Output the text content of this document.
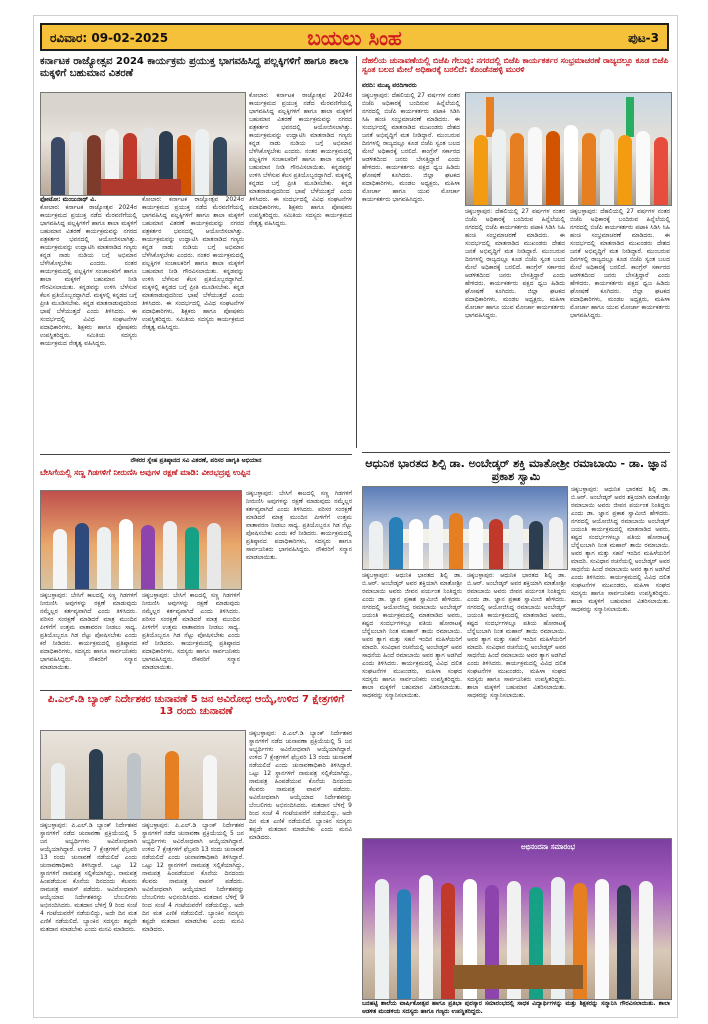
ರವಿವಾರ: 09-02-2025	ಬಯಲು ಸಿಂಹ	ಪುಟ-3
ಕರ್ನಾಟಕ ರಾಜ್ಯೋತ್ಸವ 2024 ಕಾರ್ಯಕ್ರಮ ಪ್ರಯುಕ್ತ ಭಾಗವಹಿಸಿದ್ದ ಪಲ್ಲಕ್ಕಿಗಳಿಗೆ ಹಾಗೂ ಶಾಲಾ ಮಕ್ಕಳಿಗೆ ಬಹುಮಾನ ವಿತರಣೆ
ಫೋಟೋ: ಮಂಜುನಾಥ್ ವಿ.
ಕೋಲಾರ: ಕರ್ನಾಟಕ ರಾಜ್ಯೋತ್ಸವ 2024ರ ಕಾರ್ಯಕ್ರಮದ ಪ್ರಯುಕ್ತ ನಡೆದ ಮೆರವಣಿಗೆಯಲ್ಲಿ ಭಾಗವಹಿಸಿದ್ದ ಪಲ್ಲಕ್ಕಿಗಳಿಗೆ ಹಾಗೂ ಶಾಲಾ ಮಕ್ಕಳಿಗೆ ಬಹುಮಾನ ವಿತರಣೆ ಕಾರ್ಯಕ್ರಮವನ್ನು ನಗರದ ಪತ್ರಕರ್ತರ ಭವನದಲ್ಲಿ ಆಯೋಜಿಸಲಾಗಿತ್ತು. ಕಾರ್ಯಕ್ರಮವನ್ನು ಉದ್ಘಾಟಿಸಿ ಮಾತನಾಡಿದ ಗಣ್ಯರು ಕನ್ನಡ ನಾಡು ನುಡಿಯ ಬಗ್ಗೆ ಅಭಿಮಾನ ಬೆಳೆಸಿಕೊಳ್ಳಬೇಕು ಎಂದರು. ನಂತರ ಕಾರ್ಯಕ್ರಮದಲ್ಲಿ ಪಲ್ಲಕ್ಕಿಗಳ ಸಂಚಾಲಕರಿಗೆ ಹಾಗೂ ಶಾಲಾ ಮಕ್ಕಳಿಗೆ ಬಹುಮಾನ ನೀಡಿ ಗೌರವಿಸಲಾಯಿತು. ಕನ್ನಡವನ್ನು ಉಳಿಸಿ ಬೆಳೆಸುವ ಕೆಲಸ ಪ್ರತಿಯೊಬ್ಬರದ್ದಾಗಿದೆ. ಮಕ್ಕಳಲ್ಲಿ ಕನ್ನಡದ ಬಗ್ಗೆ ಪ್ರೀತಿ ಮೂಡಿಸಬೇಕು. ಕನ್ನಡ ಮಾತನಾಡುವುದರಿಂದ ಭಾಷೆ ಬೆಳೆಯುತ್ತದೆ ಎಂದು ತಿಳಿಸಿದರು. ಈ ಸಂದರ್ಭದಲ್ಲಿ ವಿವಿಧ ಸಂಘಟನೆಗಳ ಪದಾಧಿಕಾರಿಗಳು, ಶಿಕ್ಷಕರು ಹಾಗೂ ಪೋಷಕರು ಉಪಸ್ಥಿತರಿದ್ದರು. ಸಮಿತಿಯ ಸದಸ್ಯರು ಕಾರ್ಯಕ್ರಮದ ನೇತೃತ್ವ ವಹಿಸಿದ್ದರು.
ಕೋಲಾರ: ಕರ್ನಾಟಕ ರಾಜ್ಯೋತ್ಸವ 2024ರ ಕಾರ್ಯಕ್ರಮದ ಪ್ರಯುಕ್ತ ನಡೆದ ಮೆರವಣಿಗೆಯಲ್ಲಿ ಭಾಗವಹಿಸಿದ್ದ ಪಲ್ಲಕ್ಕಿಗಳಿಗೆ ಹಾಗೂ ಶಾಲಾ ಮಕ್ಕಳಿಗೆ ಬಹುಮಾನ ವಿತರಣೆ ಕಾರ್ಯಕ್ರಮವನ್ನು ನಗರದ ಪತ್ರಕರ್ತರ ಭವನದಲ್ಲಿ ಆಯೋಜಿಸಲಾಗಿತ್ತು. ಕಾರ್ಯಕ್ರಮವನ್ನು ಉದ್ಘಾಟಿಸಿ ಮಾತನಾಡಿದ ಗಣ್ಯರು ಕನ್ನಡ ನಾಡು ನುಡಿಯ ಬಗ್ಗೆ ಅಭಿಮಾನ ಬೆಳೆಸಿಕೊಳ್ಳಬೇಕು ಎಂದರು. ನಂತರ ಕಾರ್ಯಕ್ರಮದಲ್ಲಿ ಪಲ್ಲಕ್ಕಿಗಳ ಸಂಚಾಲಕರಿಗೆ ಹಾಗೂ ಶಾಲಾ ಮಕ್ಕಳಿಗೆ ಬಹುಮಾನ ನೀಡಿ ಗೌರವಿಸಲಾಯಿತು. ಕನ್ನಡವನ್ನು ಉಳಿಸಿ ಬೆಳೆಸುವ ಕೆಲಸ ಪ್ರತಿಯೊಬ್ಬರದ್ದಾಗಿದೆ. ಮಕ್ಕಳಲ್ಲಿ ಕನ್ನಡದ ಬಗ್ಗೆ ಪ್ರೀತಿ ಮೂಡಿಸಬೇಕು. ಕನ್ನಡ ಮಾತನಾಡುವುದರಿಂದ ಭಾಷೆ ಬೆಳೆಯುತ್ತದೆ ಎಂದು ತಿಳಿಸಿದರು. ಈ ಸಂದರ್ಭದಲ್ಲಿ ವಿವಿಧ ಸಂಘಟನೆಗಳ ಪದಾಧಿಕಾರಿಗಳು, ಶಿಕ್ಷಕರು ಹಾಗೂ ಪೋಷಕರು ಉಪಸ್ಥಿತರಿದ್ದರು. ಸಮಿತಿಯ ಸದಸ್ಯರು ಕಾರ್ಯಕ್ರಮದ ನೇತೃತ್ವ ವಹಿಸಿದ್ದರು.
ಕೋಲಾರ: ಕರ್ನಾಟಕ ರಾಜ್ಯೋತ್ಸವ 2024ರ ಕಾರ್ಯಕ್ರಮದ ಪ್ರಯುಕ್ತ ನಡೆದ ಮೆರವಣಿಗೆಯಲ್ಲಿ ಭಾಗವಹಿಸಿದ್ದ ಪಲ್ಲಕ್ಕಿಗಳಿಗೆ ಹಾಗೂ ಶಾಲಾ ಮಕ್ಕಳಿಗೆ ಬಹುಮಾನ ವಿತರಣೆ ಕಾರ್ಯಕ್ರಮವನ್ನು ನಗರದ ಪತ್ರಕರ್ತರ ಭವನದಲ್ಲಿ ಆಯೋಜಿಸಲಾಗಿತ್ತು. ಕಾರ್ಯಕ್ರಮವನ್ನು ಉದ್ಘಾಟಿಸಿ ಮಾತನಾಡಿದ ಗಣ್ಯರು ಕನ್ನಡ ನಾಡು ನುಡಿಯ ಬಗ್ಗೆ ಅಭಿಮಾನ ಬೆಳೆಸಿಕೊಳ್ಳಬೇಕು ಎಂದರು. ನಂತರ ಕಾರ್ಯಕ್ರಮದಲ್ಲಿ ಪಲ್ಲಕ್ಕಿಗಳ ಸಂಚಾಲಕರಿಗೆ ಹಾಗೂ ಶಾಲಾ ಮಕ್ಕಳಿಗೆ ಬಹುಮಾನ ನೀಡಿ ಗೌರವಿಸಲಾಯಿತು. ಕನ್ನಡವನ್ನು ಉಳಿಸಿ ಬೆಳೆಸುವ ಕೆಲಸ ಪ್ರತಿಯೊಬ್ಬರದ್ದಾಗಿದೆ. ಮಕ್ಕಳಲ್ಲಿ ಕನ್ನಡದ ಬಗ್ಗೆ ಪ್ರೀತಿ ಮೂಡಿಸಬೇಕು. ಕನ್ನಡ ಮಾತನಾಡುವುದರಿಂದ ಭಾಷೆ ಬೆಳೆಯುತ್ತದೆ ಎಂದು ತಿಳಿಸಿದರು. ಈ ಸಂದರ್ಭದಲ್ಲಿ ವಿವಿಧ ಸಂಘಟನೆಗಳ ಪದಾಧಿಕಾರಿಗಳು, ಶಿಕ್ಷಕರು ಹಾಗೂ ಪೋಷಕರು ಉಪಸ್ಥಿತರಿದ್ದರು. ಸಮಿತಿಯ ಸದಸ್ಯರು ಕಾರ್ಯಕ್ರಮದ ನೇತೃತ್ವ ವಹಿಸಿದ್ದರು.
ದೆಹಲಿಯ ಚುನಾವಣೆಯಲ್ಲಿ ಬಿಜೆಪಿ ಗೆಲುವು: ನಗರದಲ್ಲಿ ಬಿಜೆಪಿ ಕಾರ್ಯಕರ್ತರ ಸಂಭ್ರಮಾಚರಣೆ ರಾಜ್ಯದಲ್ಲೂ ಕೂಡ ಬಿಜೆಪಿ ಸ್ವಂತ ಬಲದ ಮೇಲೆ ಅಧಿಕಾರಕ್ಕೆ ಬರಲಿದೆ: ಕೊಂಡೆನಹಳ್ಳಿ ಮುರಳಿ
ವರದಿ: ಮುಖ್ಯ ವರದಿಗಾರರು
ಚಿಕ್ಕಬಳ್ಳಾಪುರ: ದೆಹಲಿಯಲ್ಲಿ 27 ವರ್ಷಗಳ ನಂತರ ಬಿಜೆಪಿ ಅಧಿಕಾರಕ್ಕೆ ಬಂದಿರುವ ಹಿನ್ನೆಲೆಯಲ್ಲಿ ನಗರದಲ್ಲಿ ಬಿಜೆಪಿ ಕಾರ್ಯಕರ್ತರು ಪಟಾಕಿ ಸಿಡಿಸಿ ಸಿಹಿ ಹಂಚಿ ಸಂಭ್ರಮಾಚರಣೆ ಮಾಡಿದರು. ಈ ಸಂದರ್ಭದಲ್ಲಿ ಮಾತನಾಡಿದ ಮುಖಂಡರು ದೇಶದ ಜನತೆ ಅಭಿವೃದ್ಧಿಗೆ ಮತ ನೀಡಿದ್ದಾರೆ. ಮುಂಬರುವ ದಿನಗಳಲ್ಲಿ ರಾಜ್ಯದಲ್ಲೂ ಕೂಡ ಬಿಜೆಪಿ ಸ್ವಂತ ಬಲದ ಮೇಲೆ ಅಧಿಕಾರಕ್ಕೆ ಬರಲಿದೆ. ಕಾಂಗ್ರೆಸ್ ಸರ್ಕಾರದ ಆಡಳಿತದಿಂದ ಜನರು ಬೇಸತ್ತಿದ್ದಾರೆ ಎಂದು ಹೇಳಿದರು. ಕಾರ್ಯಕರ್ತರು ಪಕ್ಷದ ಧ್ವಜ ಹಿಡಿದು ಘೋಷಣೆ ಕೂಗಿದರು. ಜಿಲ್ಲಾ ಘಟಕದ ಪದಾಧಿಕಾರಿಗಳು, ಮಂಡಲ ಅಧ್ಯಕ್ಷರು, ಮಹಿಳಾ ಮೋರ್ಚಾ ಹಾಗೂ ಯುವ ಮೋರ್ಚಾ ಕಾರ್ಯಕರ್ತರು ಭಾಗವಹಿಸಿದ್ದರು.
ಚಿಕ್ಕಬಳ್ಳಾಪುರ: ದೆಹಲಿಯಲ್ಲಿ 27 ವರ್ಷಗಳ ನಂತರ ಬಿಜೆಪಿ ಅಧಿಕಾರಕ್ಕೆ ಬಂದಿರುವ ಹಿನ್ನೆಲೆಯಲ್ಲಿ ನಗರದಲ್ಲಿ ಬಿಜೆಪಿ ಕಾರ್ಯಕರ್ತರು ಪಟಾಕಿ ಸಿಡಿಸಿ ಸಿಹಿ ಹಂಚಿ ಸಂಭ್ರಮಾಚರಣೆ ಮಾಡಿದರು. ಈ ಸಂದರ್ಭದಲ್ಲಿ ಮಾತನಾಡಿದ ಮುಖಂಡರು ದೇಶದ ಜನತೆ ಅಭಿವೃದ್ಧಿಗೆ ಮತ ನೀಡಿದ್ದಾರೆ. ಮುಂಬರುವ ದಿನಗಳಲ್ಲಿ ರಾಜ್ಯದಲ್ಲೂ ಕೂಡ ಬಿಜೆಪಿ ಸ್ವಂತ ಬಲದ ಮೇಲೆ ಅಧಿಕಾರಕ್ಕೆ ಬರಲಿದೆ. ಕಾಂಗ್ರೆಸ್ ಸರ್ಕಾರದ ಆಡಳಿತದಿಂದ ಜನರು ಬೇಸತ್ತಿದ್ದಾರೆ ಎಂದು ಹೇಳಿದರು. ಕಾರ್ಯಕರ್ತರು ಪಕ್ಷದ ಧ್ವಜ ಹಿಡಿದು ಘೋಷಣೆ ಕೂಗಿದರು. ಜಿಲ್ಲಾ ಘಟಕದ ಪದಾಧಿಕಾರಿಗಳು, ಮಂಡಲ ಅಧ್ಯಕ್ಷರು, ಮಹಿಳಾ ಮೋರ್ಚಾ ಹಾಗೂ ಯುವ ಮೋರ್ಚಾ ಕಾರ್ಯಕರ್ತರು ಭಾಗವಹಿಸಿದ್ದರು.
ಚಿಕ್ಕಬಳ್ಳಾಪುರ: ದೆಹಲಿಯಲ್ಲಿ 27 ವರ್ಷಗಳ ನಂತರ ಬಿಜೆಪಿ ಅಧಿಕಾರಕ್ಕೆ ಬಂದಿರುವ ಹಿನ್ನೆಲೆಯಲ್ಲಿ ನಗರದಲ್ಲಿ ಬಿಜೆಪಿ ಕಾರ್ಯಕರ್ತರು ಪಟಾಕಿ ಸಿಡಿಸಿ ಸಿಹಿ ಹಂಚಿ ಸಂಭ್ರಮಾಚರಣೆ ಮಾಡಿದರು. ಈ ಸಂದರ್ಭದಲ್ಲಿ ಮಾತನಾಡಿದ ಮುಖಂಡರು ದೇಶದ ಜನತೆ ಅಭಿವೃದ್ಧಿಗೆ ಮತ ನೀಡಿದ್ದಾರೆ. ಮುಂಬರುವ ದಿನಗಳಲ್ಲಿ ರಾಜ್ಯದಲ್ಲೂ ಕೂಡ ಬಿಜೆಪಿ ಸ್ವಂತ ಬಲದ ಮೇಲೆ ಅಧಿಕಾರಕ್ಕೆ ಬರಲಿದೆ. ಕಾಂಗ್ರೆಸ್ ಸರ್ಕಾರದ ಆಡಳಿತದಿಂದ ಜನರು ಬೇಸತ್ತಿದ್ದಾರೆ ಎಂದು ಹೇಳಿದರು. ಕಾರ್ಯಕರ್ತರು ಪಕ್ಷದ ಧ್ವಜ ಹಿಡಿದು ಘೋಷಣೆ ಕೂಗಿದರು. ಜಿಲ್ಲಾ ಘಟಕದ ಪದಾಧಿಕಾರಿಗಳು, ಮಂಡಲ ಅಧ್ಯಕ್ಷರು, ಮಹಿಳಾ ಮೋರ್ಚಾ ಹಾಗೂ ಯುವ ಮೋರ್ಚಾ ಕಾರ್ಯಕರ್ತರು ಭಾಗವಹಿಸಿದ್ದರು.
ನೌಕರರ ಸ್ನೇಹ ಪ್ರತಿಷ್ಠಾನದ ಸವಿ ವಿತರಣೆ, ಪರಿಸರ ಜಾಗೃತಿ ಅಭಿಯಾನ
ಬೇಸಿಗೆಯಲ್ಲಿ ಸಣ್ಣ ಗಿಡಗಳಿಗೆ ನೀರುಣಿಸಿ ಅವುಗಳ ರಕ್ಷಣೆ ಮಾಡಿ: ವೀರಭದ್ರಪ್ಪ ಉಪ್ಪಿನ
ಚಿಕ್ಕಬಳ್ಳಾಪುರ: ಬೇಸಿಗೆ ಕಾಲದಲ್ಲಿ ಸಣ್ಣ ಗಿಡಗಳಿಗೆ ನೀರುಣಿಸಿ ಅವುಗಳನ್ನು ರಕ್ಷಣೆ ಮಾಡುವುದು ನಮ್ಮೆಲ್ಲರ ಕರ್ತವ್ಯವಾಗಿದೆ ಎಂದು ತಿಳಿಸಿದರು. ಪರಿಸರ ಸಂರಕ್ಷಣೆ ಮಾಡಿದರೆ ಮಾತ್ರ ಮುಂದಿನ ಪೀಳಿಗೆಗೆ ಉತ್ತಮ ವಾತಾವರಣ ನೀಡಲು ಸಾಧ್ಯ. ಪ್ರತಿಯೊಬ್ಬರೂ ಗಿಡ ನೆಟ್ಟು ಪೋಷಿಸಬೇಕು ಎಂದು ಕರೆ ನೀಡಿದರು. ಕಾರ್ಯಕ್ರಮದಲ್ಲಿ ಪ್ರತಿಷ್ಠಾನದ ಪದಾಧಿಕಾರಿಗಳು, ಸದಸ್ಯರು ಹಾಗೂ ಸಾರ್ವಜನಿಕರು ಭಾಗವಹಿಸಿದ್ದರು. ನೌಕರರಿಗೆ ಸನ್ಮಾನ ಮಾಡಲಾಯಿತು.
ಚಿಕ್ಕಬಳ್ಳಾಪುರ: ಬೇಸಿಗೆ ಕಾಲದಲ್ಲಿ ಸಣ್ಣ ಗಿಡಗಳಿಗೆ ನೀರುಣಿಸಿ ಅವುಗಳನ್ನು ರಕ್ಷಣೆ ಮಾಡುವುದು ನಮ್ಮೆಲ್ಲರ ಕರ್ತವ್ಯವಾಗಿದೆ ಎಂದು ತಿಳಿಸಿದರು. ಪರಿಸರ ಸಂರಕ್ಷಣೆ ಮಾಡಿದರೆ ಮಾತ್ರ ಮುಂದಿನ ಪೀಳಿಗೆಗೆ ಉತ್ತಮ ವಾತಾವರಣ ನೀಡಲು ಸಾಧ್ಯ. ಪ್ರತಿಯೊಬ್ಬರೂ ಗಿಡ ನೆಟ್ಟು ಪೋಷಿಸಬೇಕು ಎಂದು ಕರೆ ನೀಡಿದರು. ಕಾರ್ಯಕ್ರಮದಲ್ಲಿ ಪ್ರತಿಷ್ಠಾನದ ಪದಾಧಿಕಾರಿಗಳು, ಸದಸ್ಯರು ಹಾಗೂ ಸಾರ್ವಜನಿಕರು ಭಾಗವಹಿಸಿದ್ದರು. ನೌಕರರಿಗೆ ಸನ್ಮಾನ ಮಾಡಲಾಯಿತು.
ಚಿಕ್ಕಬಳ್ಳಾಪುರ: ಬೇಸಿಗೆ ಕಾಲದಲ್ಲಿ ಸಣ್ಣ ಗಿಡಗಳಿಗೆ ನೀರುಣಿಸಿ ಅವುಗಳನ್ನು ರಕ್ಷಣೆ ಮಾಡುವುದು ನಮ್ಮೆಲ್ಲರ ಕರ್ತವ್ಯವಾಗಿದೆ ಎಂದು ತಿಳಿಸಿದರು. ಪರಿಸರ ಸಂರಕ್ಷಣೆ ಮಾಡಿದರೆ ಮಾತ್ರ ಮುಂದಿನ ಪೀಳಿಗೆಗೆ ಉತ್ತಮ ವಾತಾವರಣ ನೀಡಲು ಸಾಧ್ಯ. ಪ್ರತಿಯೊಬ್ಬರೂ ಗಿಡ ನೆಟ್ಟು ಪೋಷಿಸಬೇಕು ಎಂದು ಕರೆ ನೀಡಿದರು. ಕಾರ್ಯಕ್ರಮದಲ್ಲಿ ಪ್ರತಿಷ್ಠಾನದ ಪದಾಧಿಕಾರಿಗಳು, ಸದಸ್ಯರು ಹಾಗೂ ಸಾರ್ವಜನಿಕರು ಭಾಗವಹಿಸಿದ್ದರು. ನೌಕರರಿಗೆ ಸನ್ಮಾನ ಮಾಡಲಾಯಿತು.
ಆಧುನಿಕ ಭಾರತದ ಶಿಲ್ಪಿ ಡಾ. ಅಂಬೇಡ್ಕರ್ ಶಕ್ತಿ ಮಾತೋಶ್ರೀ ರಮಾಬಾಯಿ - ಡಾ. ಜ್ಞಾನ ಪ್ರಕಾಶ ಸ್ವಾಮಿ
ಚಿಕ್ಕಬಳ್ಳಾಪುರ: ಆಧುನಿಕ ಭಾರತದ ಶಿಲ್ಪಿ ಡಾ. ಬಿ.ಆರ್. ಅಂಬೇಡ್ಕರ್ ಅವರ ಶಕ್ತಿಯಾಗಿ ಮಾತೋಶ್ರೀ ರಮಾಬಾಯಿ ಅವರು ಜೀವನ ಪರ್ಯಂತ ನಿಂತಿದ್ದರು ಎಂದು ಡಾ. ಜ್ಞಾನ ಪ್ರಕಾಶ ಸ್ವಾಮೀಜಿ ಹೇಳಿದರು. ನಗರದಲ್ಲಿ ಆಯೋಜಿಸಿದ್ದ ರಮಾಬಾಯಿ ಅಂಬೇಡ್ಕರ್ ಜಯಂತಿ ಕಾರ್ಯಕ್ರಮದಲ್ಲಿ ಮಾತನಾಡಿದ ಅವರು, ಕಷ್ಟದ ಸಂದರ್ಭಗಳಲ್ಲೂ ಪತಿಯ ಹೋರಾಟಕ್ಕೆ ಬೆನ್ನೆಲುಬಾಗಿ ನಿಂತ ಮಹಾನ್ ತಾಯಿ ರಮಾಬಾಯಿ. ಅವರ ತ್ಯಾಗ ಮತ್ತು ಸಹನೆ ಇಂದಿನ ಮಹಿಳೆಯರಿಗೆ ಮಾದರಿ. ಸಂವಿಧಾನ ರಚನೆಯಲ್ಲಿ ಅಂಬೇಡ್ಕರ್ ಅವರ ಸಾಧನೆಯ ಹಿಂದೆ ರಮಾಬಾಯಿ ಅವರ ತ್ಯಾಗ ಅಡಗಿದೆ ಎಂದು ತಿಳಿಸಿದರು. ಕಾರ್ಯಕ್ರಮದಲ್ಲಿ ವಿವಿಧ ದಲಿತ ಸಂಘಟನೆಗಳ ಮುಖಂಡರು, ಮಹಿಳಾ ಸಂಘದ ಸದಸ್ಯರು ಹಾಗೂ ಸಾರ್ವಜನಿಕರು ಉಪಸ್ಥಿತರಿದ್ದರು. ಶಾಲಾ ಮಕ್ಕಳಿಗೆ ಬಹುಮಾನ ವಿತರಿಸಲಾಯಿತು. ಸಾಧಕರನ್ನು ಸನ್ಮಾನಿಸಲಾಯಿತು.
ಚಿಕ್ಕಬಳ್ಳಾಪುರ: ಆಧುನಿಕ ಭಾರತದ ಶಿಲ್ಪಿ ಡಾ. ಬಿ.ಆರ್. ಅಂಬೇಡ್ಕರ್ ಅವರ ಶಕ್ತಿಯಾಗಿ ಮಾತೋಶ್ರೀ ರಮಾಬಾಯಿ ಅವರು ಜೀವನ ಪರ್ಯಂತ ನಿಂತಿದ್ದರು ಎಂದು ಡಾ. ಜ್ಞಾನ ಪ್ರಕಾಶ ಸ್ವಾಮೀಜಿ ಹೇಳಿದರು. ನಗರದಲ್ಲಿ ಆಯೋಜಿಸಿದ್ದ ರಮಾಬಾಯಿ ಅಂಬೇಡ್ಕರ್ ಜಯಂತಿ ಕಾರ್ಯಕ್ರಮದಲ್ಲಿ ಮಾತನಾಡಿದ ಅವರು, ಕಷ್ಟದ ಸಂದರ್ಭಗಳಲ್ಲೂ ಪತಿಯ ಹೋರಾಟಕ್ಕೆ ಬೆನ್ನೆಲುಬಾಗಿ ನಿಂತ ಮಹಾನ್ ತಾಯಿ ರಮಾಬಾಯಿ. ಅವರ ತ್ಯಾಗ ಮತ್ತು ಸಹನೆ ಇಂದಿನ ಮಹಿಳೆಯರಿಗೆ ಮಾದರಿ. ಸಂವಿಧಾನ ರಚನೆಯಲ್ಲಿ ಅಂಬೇಡ್ಕರ್ ಅವರ ಸಾಧನೆಯ ಹಿಂದೆ ರಮಾಬಾಯಿ ಅವರ ತ್ಯಾಗ ಅಡಗಿದೆ ಎಂದು ತಿಳಿಸಿದರು. ಕಾರ್ಯಕ್ರಮದಲ್ಲಿ ವಿವಿಧ ದಲಿತ ಸಂಘಟನೆಗಳ ಮುಖಂಡರು, ಮಹಿಳಾ ಸಂಘದ ಸದಸ್ಯರು ಹಾಗೂ ಸಾರ್ವಜನಿಕರು ಉಪಸ್ಥಿತರಿದ್ದರು. ಶಾಲಾ ಮಕ್ಕಳಿಗೆ ಬಹುಮಾನ ವಿತರಿಸಲಾಯಿತು. ಸಾಧಕರನ್ನು ಸನ್ಮಾನಿಸಲಾಯಿತು.
ಚಿಕ್ಕಬಳ್ಳಾಪುರ: ಆಧುನಿಕ ಭಾರತದ ಶಿಲ್ಪಿ ಡಾ. ಬಿ.ಆರ್. ಅಂಬೇಡ್ಕರ್ ಅವರ ಶಕ್ತಿಯಾಗಿ ಮಾತೋಶ್ರೀ ರಮಾಬಾಯಿ ಅವರು ಜೀವನ ಪರ್ಯಂತ ನಿಂತಿದ್ದರು ಎಂದು ಡಾ. ಜ್ಞಾನ ಪ್ರಕಾಶ ಸ್ವಾಮೀಜಿ ಹೇಳಿದರು. ನಗರದಲ್ಲಿ ಆಯೋಜಿಸಿದ್ದ ರಮಾಬಾಯಿ ಅಂಬೇಡ್ಕರ್ ಜಯಂತಿ ಕಾರ್ಯಕ್ರಮದಲ್ಲಿ ಮಾತನಾಡಿದ ಅವರು, ಕಷ್ಟದ ಸಂದರ್ಭಗಳಲ್ಲೂ ಪತಿಯ ಹೋರಾಟಕ್ಕೆ ಬೆನ್ನೆಲುಬಾಗಿ ನಿಂತ ಮಹಾನ್ ತಾಯಿ ರಮಾಬಾಯಿ. ಅವರ ತ್ಯಾಗ ಮತ್ತು ಸಹನೆ ಇಂದಿನ ಮಹಿಳೆಯರಿಗೆ ಮಾದರಿ. ಸಂವಿಧಾನ ರಚನೆಯಲ್ಲಿ ಅಂಬೇಡ್ಕರ್ ಅವರ ಸಾಧನೆಯ ಹಿಂದೆ ರಮಾಬಾಯಿ ಅವರ ತ್ಯಾಗ ಅಡಗಿದೆ ಎಂದು ತಿಳಿಸಿದರು. ಕಾರ್ಯಕ್ರಮದಲ್ಲಿ ವಿವಿಧ ದಲಿತ ಸಂಘಟನೆಗಳ ಮುಖಂಡರು, ಮಹಿಳಾ ಸಂಘದ ಸದಸ್ಯರು ಹಾಗೂ ಸಾರ್ವಜನಿಕರು ಉಪಸ್ಥಿತರಿದ್ದರು. ಶಾಲಾ ಮಕ್ಕಳಿಗೆ ಬಹುಮಾನ ವಿತರಿಸಲಾಯಿತು. ಸಾಧಕರನ್ನು ಸನ್ಮಾನಿಸಲಾಯಿತು.
ಪಿ.ಎಲ್.ಡಿ ಬ್ಯಾಂಕ್ ನಿರ್ದೇಶಕರ ಚುನಾವಣೆ 5 ಜನ ಅವಿರೋಧ ಆಯ್ಕೆ,ಉಳಿದ 7 ಕ್ಷೇತ್ರಗಳಿಗೆ 13 ರಂದು ಚುನಾವಣೆ
ಚಿಕ್ಕಬಳ್ಳಾಪುರ: ಪಿ.ಎಲ್.ಡಿ ಬ್ಯಾಂಕ್ ನಿರ್ದೇಶಕರ ಸ್ಥಾನಗಳಿಗೆ ನಡೆದ ಚುನಾವಣಾ ಪ್ರಕ್ರಿಯೆಯಲ್ಲಿ 5 ಜನ ಅಭ್ಯರ್ಥಿಗಳು ಅವಿರೋಧವಾಗಿ ಆಯ್ಕೆಯಾಗಿದ್ದಾರೆ. ಉಳಿದ 7 ಕ್ಷೇತ್ರಗಳಿಗೆ ಫೆಬ್ರವರಿ 13 ರಂದು ಚುನಾವಣೆ ನಡೆಯಲಿದೆ ಎಂದು ಚುನಾವಣಾಧಿಕಾರಿ ತಿಳಿಸಿದ್ದಾರೆ. ಒಟ್ಟು 12 ಸ್ಥಾನಗಳಿಗೆ ನಾಮಪತ್ರ ಸಲ್ಲಿಕೆಯಾಗಿದ್ದು, ನಾಮಪತ್ರ ಹಿಂಪಡೆಯುವ ಕೊನೆಯ ದಿನದಂದು ಕೆಲವರು ನಾಮಪತ್ರ ವಾಪಸ್ ಪಡೆದರು. ಅವಿರೋಧವಾಗಿ ಆಯ್ಕೆಯಾದ ನಿರ್ದೇಶಕರನ್ನು ಬೆಂಬಲಿಗರು ಅಭಿನಂದಿಸಿದರು. ಮತದಾನ ಬೆಳಿಗ್ಗೆ 9 ರಿಂದ ಸಂಜೆ 4 ಗಂಟೆಯವರೆಗೆ ನಡೆಯಲಿದ್ದು, ಅದೇ ದಿನ ಮತ ಎಣಿಕೆ ನಡೆಯಲಿದೆ. ಬ್ಯಾಂಕಿನ ಸದಸ್ಯರು ತಪ್ಪದೇ ಮತದಾನ ಮಾಡಬೇಕು ಎಂದು ಮನವಿ ಮಾಡಿದರು.
ಚಿಕ್ಕಬಳ್ಳಾಪುರ: ಪಿ.ಎಲ್.ಡಿ ಬ್ಯಾಂಕ್ ನಿರ್ದೇಶಕರ ಸ್ಥಾನಗಳಿಗೆ ನಡೆದ ಚುನಾವಣಾ ಪ್ರಕ್ರಿಯೆಯಲ್ಲಿ 5 ಜನ ಅಭ್ಯರ್ಥಿಗಳು ಅವಿರೋಧವಾಗಿ ಆಯ್ಕೆಯಾಗಿದ್ದಾರೆ. ಉಳಿದ 7 ಕ್ಷೇತ್ರಗಳಿಗೆ ಫೆಬ್ರವರಿ 13 ರಂದು ಚುನಾವಣೆ ನಡೆಯಲಿದೆ ಎಂದು ಚುನಾವಣಾಧಿಕಾರಿ ತಿಳಿಸಿದ್ದಾರೆ. ಒಟ್ಟು 12 ಸ್ಥಾನಗಳಿಗೆ ನಾಮಪತ್ರ ಸಲ್ಲಿಕೆಯಾಗಿದ್ದು, ನಾಮಪತ್ರ ಹಿಂಪಡೆಯುವ ಕೊನೆಯ ದಿನದಂದು ಕೆಲವರು ನಾಮಪತ್ರ ವಾಪಸ್ ಪಡೆದರು. ಅವಿರೋಧವಾಗಿ ಆಯ್ಕೆಯಾದ ನಿರ್ದೇಶಕರನ್ನು ಬೆಂಬಲಿಗರು ಅಭಿನಂದಿಸಿದರು. ಮತದಾನ ಬೆಳಿಗ್ಗೆ 9 ರಿಂದ ಸಂಜೆ 4 ಗಂಟೆಯವರೆಗೆ ನಡೆಯಲಿದ್ದು, ಅದೇ ದಿನ ಮತ ಎಣಿಕೆ ನಡೆಯಲಿದೆ. ಬ್ಯಾಂಕಿನ ಸದಸ್ಯರು ತಪ್ಪದೇ ಮತದಾನ ಮಾಡಬೇಕು ಎಂದು ಮನವಿ ಮಾಡಿದರು.
ಚಿಕ್ಕಬಳ್ಳಾಪುರ: ಪಿ.ಎಲ್.ಡಿ ಬ್ಯಾಂಕ್ ನಿರ್ದೇಶಕರ ಸ್ಥಾನಗಳಿಗೆ ನಡೆದ ಚುನಾವಣಾ ಪ್ರಕ್ರಿಯೆಯಲ್ಲಿ 5 ಜನ ಅಭ್ಯರ್ಥಿಗಳು ಅವಿರೋಧವಾಗಿ ಆಯ್ಕೆಯಾಗಿದ್ದಾರೆ. ಉಳಿದ 7 ಕ್ಷೇತ್ರಗಳಿಗೆ ಫೆಬ್ರವರಿ 13 ರಂದು ಚುನಾವಣೆ ನಡೆಯಲಿದೆ ಎಂದು ಚುನಾವಣಾಧಿಕಾರಿ ತಿಳಿಸಿದ್ದಾರೆ. ಒಟ್ಟು 12 ಸ್ಥಾನಗಳಿಗೆ ನಾಮಪತ್ರ ಸಲ್ಲಿಕೆಯಾಗಿದ್ದು, ನಾಮಪತ್ರ ಹಿಂಪಡೆಯುವ ಕೊನೆಯ ದಿನದಂದು ಕೆಲವರು ನಾಮಪತ್ರ ವಾಪಸ್ ಪಡೆದರು. ಅವಿರೋಧವಾಗಿ ಆಯ್ಕೆಯಾದ ನಿರ್ದೇಶಕರನ್ನು ಬೆಂಬಲಿಗರು ಅಭಿನಂದಿಸಿದರು. ಮತದಾನ ಬೆಳಿಗ್ಗೆ 9 ರಿಂದ ಸಂಜೆ 4 ಗಂಟೆಯವರೆಗೆ ನಡೆಯಲಿದ್ದು, ಅದೇ ದಿನ ಮತ ಎಣಿಕೆ ನಡೆಯಲಿದೆ. ಬ್ಯಾಂಕಿನ ಸದಸ್ಯರು ತಪ್ಪದೇ ಮತದಾನ ಮಾಡಬೇಕು ಎಂದು ಮನವಿ ಮಾಡಿದರು.
ಅಭಿನಂದನಾ ಸಮಾರಂಭ
ಬನಹಟ್ಟಿ ಶಾಲೆಯ ವಾರ್ಷಿಕೋತ್ಸವ ಹಾಗೂ ಪ್ರತಿಭಾ ಪುರಸ್ಕಾರ ಸಮಾರಂಭದಲ್ಲಿ ಸಾಧಕ ವಿದ್ಯಾರ್ಥಿಗಳನ್ನು ಮತ್ತು ಶಿಕ್ಷಕರನ್ನು ಸನ್ಮಾನಿಸಿ ಗೌರವಿಸಲಾಯಿತು. ಶಾಲಾ ಆಡಳಿತ ಮಂಡಳಿಯ ಸದಸ್ಯರು ಹಾಗೂ ಗಣ್ಯರು ಉಪಸ್ಥಿತರಿದ್ದರು.
